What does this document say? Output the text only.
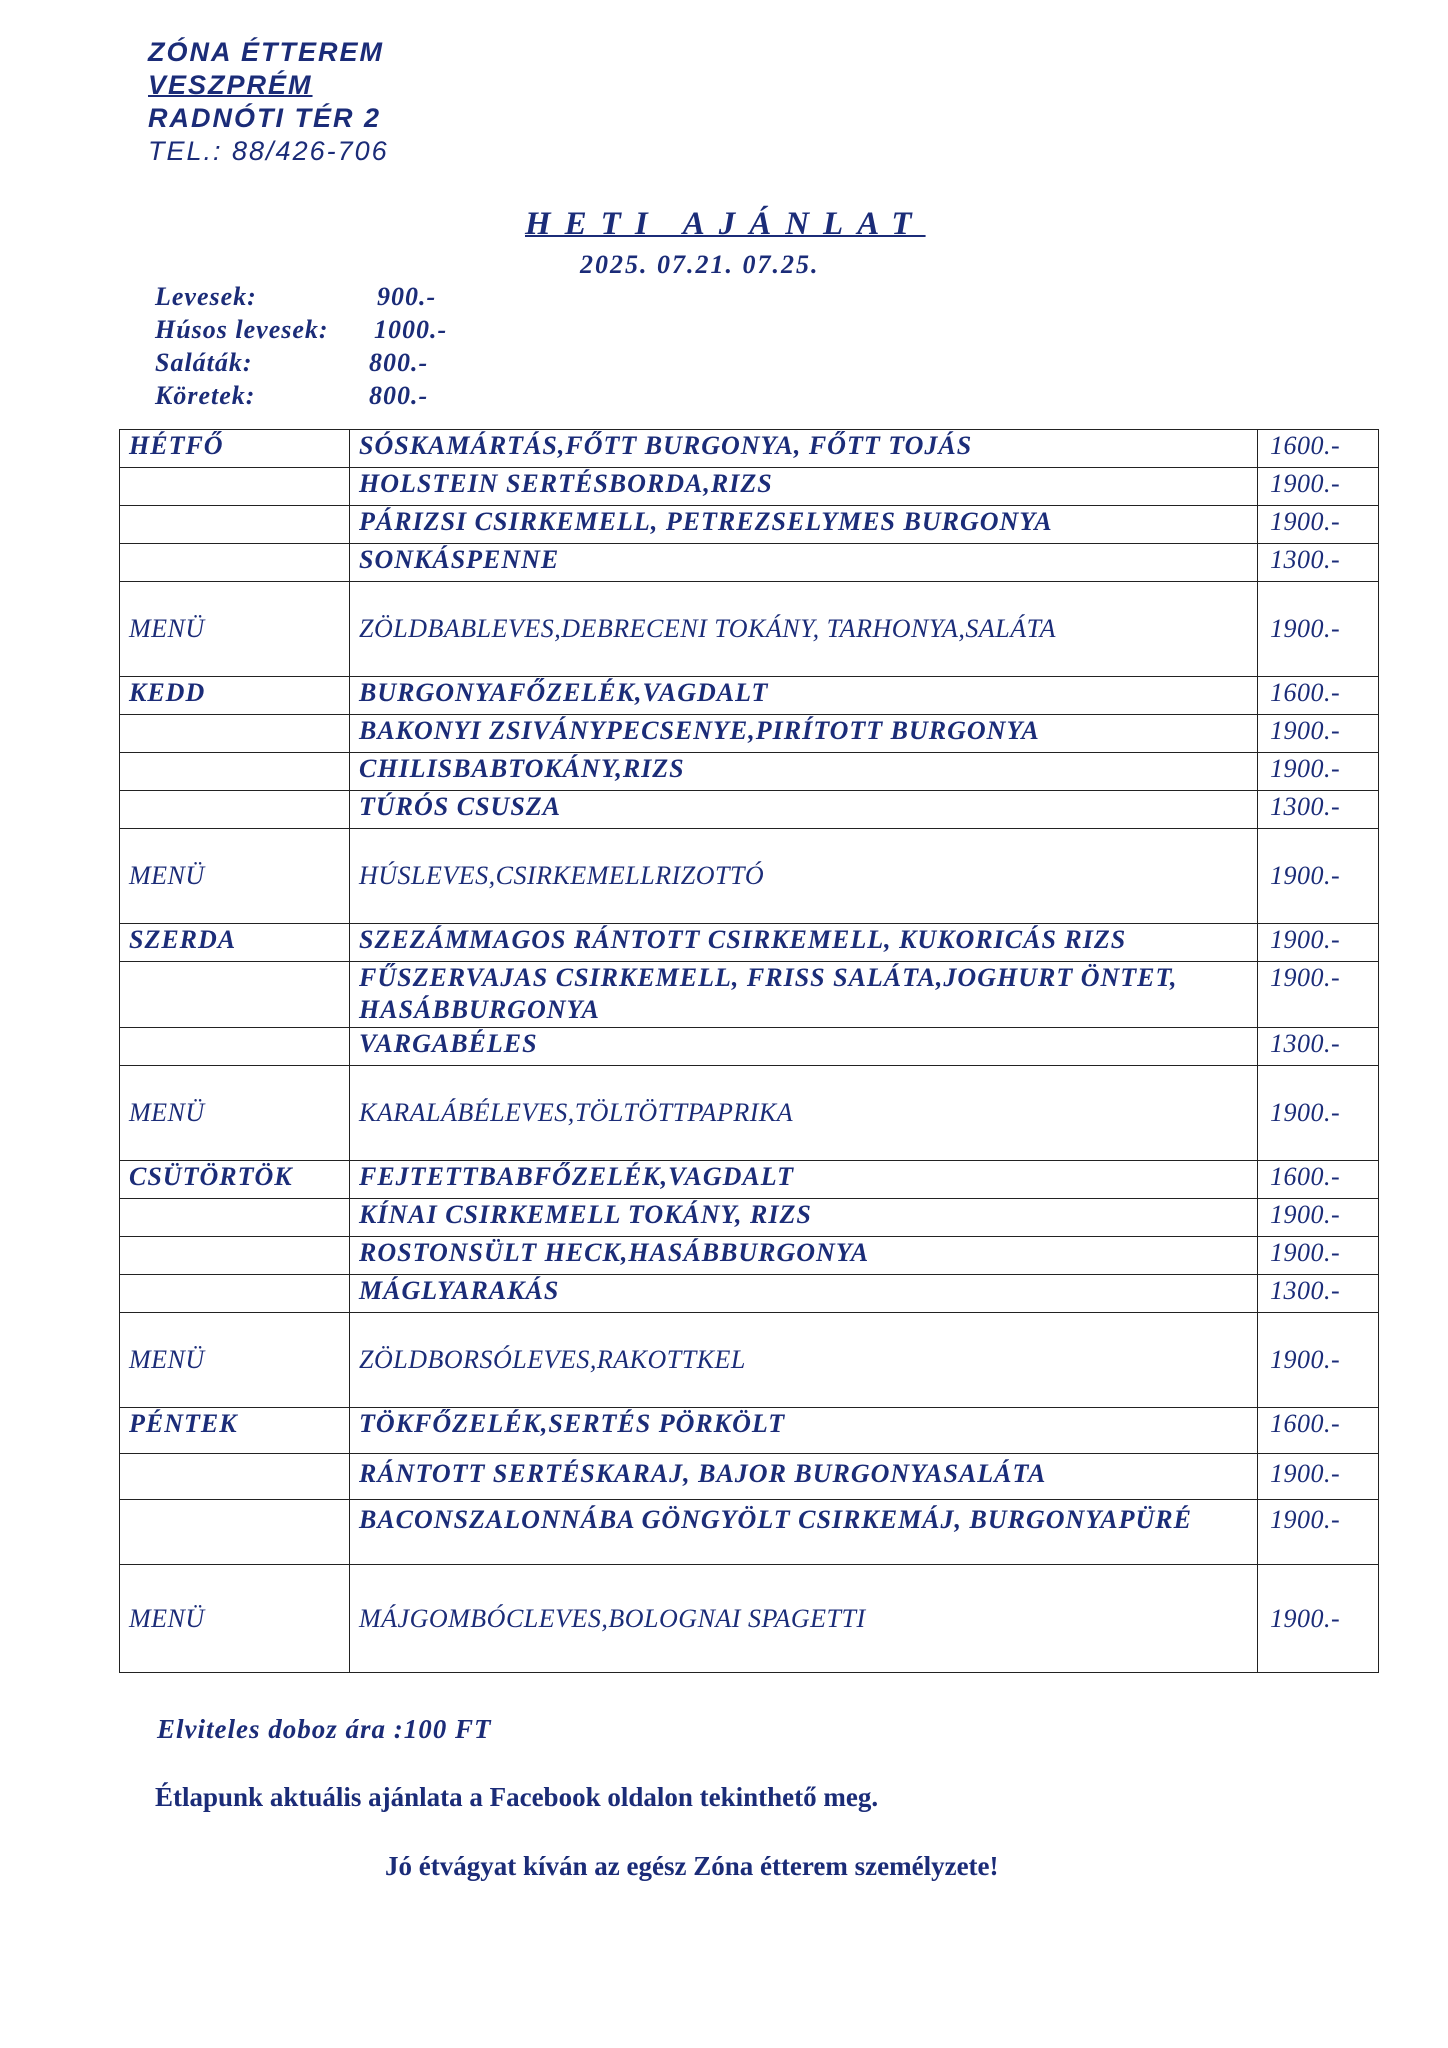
ZÓNA ÉTTEREM
VESZPRÉM
RADNÓTI TÉR 2
TEL.: 88/426-706
HETI AJÁNLAT
2025. 07.21. 07.25.
Levesek:	900.-
Húsos levesek: 1000.-
Saláták:	800.-
Köretek:	800.-
HÉTFŐ	SÓSKAMÁRTÁS,FŐTT BURGONYA, FŐTT TOJÁS	1600.-
	HOLSTEIN SERTÉSBORDA,RIZS	1900.-
	PÁRIZSI CSIRKEMELL, PETREZSELYMES BURGONYA	1900.-
	SONKÁSPENNE	1300.-
MENÜ	ZÖLDBABLEVES,DEBRECENI TOKÁNY, TARHONYA,SALÁTA	1900.-
KEDD	BURGONYAFŐZELÉK,VAGDALT	1600.-
	BAKONYI ZSIVÁNYPECSENYE,PIRÍTOTT BURGONYA	1900.-
	CHILISBABTOKÁNY,RIZS	1900.-
	TÚRÓS CSUSZA	1300.-
MENÜ	HÚSLEVES,CSIRKEMELLRIZOTTÓ	1900.-
SZERDA	SZEZÁMMAGOS RÁNTOTT CSIRKEMELL, KUKORICÁS RIZS	1900.-
	FŰSZERVAJAS CSIRKEMELL, FRISS SALÁTA,JOGHURT ÖNTET, HASÁBBURGONYA	1900.-
	VARGABÉLES	1300.-
MENÜ	KARALÁBÉLEVES,TÖLTÖTTPAPRIKA	1900.-
CSÜTÖRTÖK	FEJTETTBABFŐZELÉK,VAGDALT	1600.-
	KÍNAI CSIRKEMELL TOKÁNY, RIZS	1900.-
	ROSTONSÜLT HECK,HASÁBBURGONYA	1900.-
	MÁGLYARAKÁS	1300.-
MENÜ	ZÖLDBORSÓLEVES,RAKOTTKEL	1900.-
PÉNTEK	TÖKFŐZELÉK,SERTÉS PÖRKÖLT	1600.-
	RÁNTOTT SERTÉSKARAJ, BAJOR BURGONYASALÁTA	1900.-
	BACONSZALONNÁBA GÖNGYÖLT CSIRKEMÁJ, BURGONYAPÜRÉ	1900.-
MENÜ	MÁJGOMBÓCLEVES,BOLOGNAI SPAGETTI	1900.-
Elviteles doboz ára :100 FT
Étlapunk aktuális ajánlata a Facebook oldalon tekinthető meg.
Jó étvágyat kíván az egész Zóna étterem személyzete!
